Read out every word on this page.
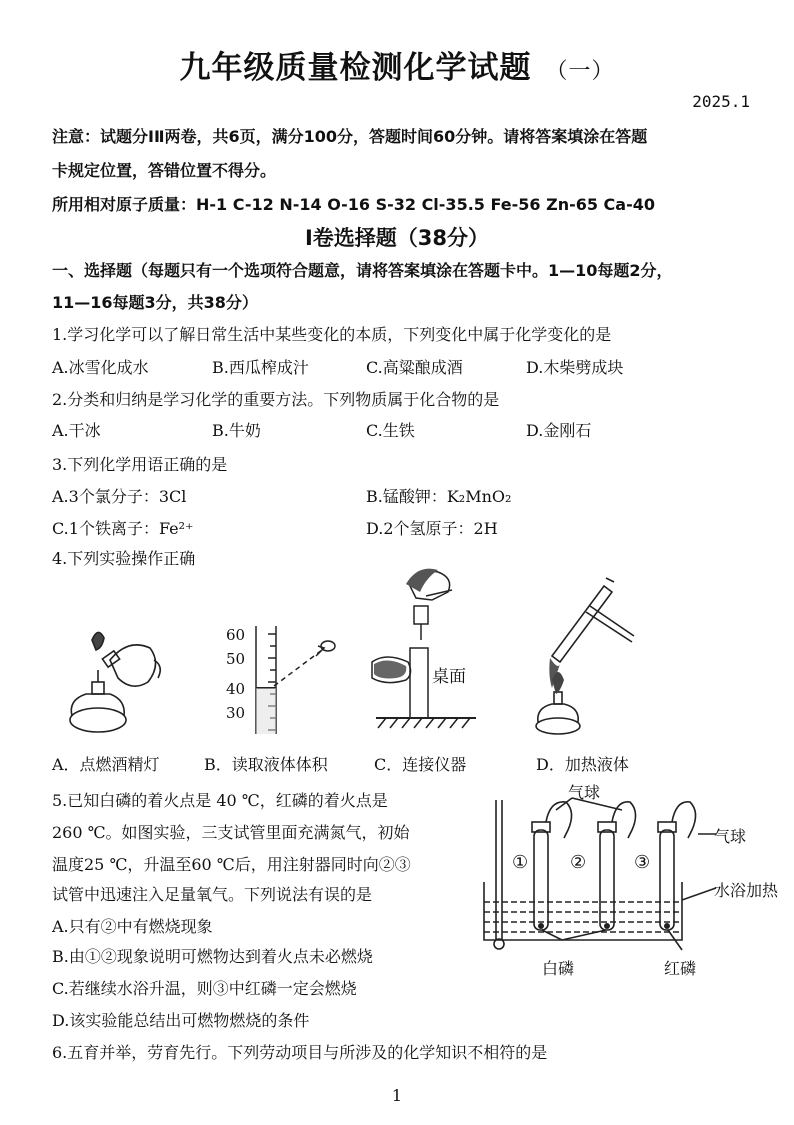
九年级质量检测化学试题 （一）
2025.1
注意：试题分ⅠⅡ两卷，共6页，满分100分，答题时间60分钟。请将答案填涂在答题
卡规定位置，答错位置不得分。
所用相对原子质量：H-1 C-12 N-14 O-16 S-32 Cl-35.5 Fe-56 Zn-65 Ca-40
Ⅰ卷选择题（38分）
一、选择题（每题只有一个选项符合题意，请将答案填涂在答题卡中。1—10每题2分，
11—16每题3分，共38分）
1.学习化学可以了解日常生活中某些变化的本质，下列变化中属于化学变化的是
A.冰雪化成水	B.西瓜榨成汁	C.高粱酿成酒	D.木柴劈成块
2.分类和归纳是学习化学的重要方法。下列物质属于化合物的是
A.干冰	B.牛奶	C.生铁	D.金刚石
3.下列化学用语正确的是
A.3个氯分子：3Cl	B.锰酸钾：K₂MnO₂
C.1个铁离子：Fe²⁺	D.2个氢原子：2H
4.下列实验操作正确
60
50
40
30
桌面
A．点燃酒精灯	B．读取液体体积	C．连接仪器	D．加热液体
5.已知白磷的着火点是 40 ℃，红磷的着火点是
260 ℃。如图实验，三支试管里面充满氮气，初始
温度25 ℃，升温至60 ℃后，用注射器同时向②③
试管中迅速注入足量氧气。下列说法有误的是
A.只有②中有燃烧现象
B.由①②现象说明可燃物达到着火点未必燃烧
C.若继续水浴升温，则③中红磷一定会燃烧
D.该实验能总结出可燃物燃烧的条件
气球
气球
水浴加热
白磷	红磷
① ②	③
6.五育并举，劳育先行。下列劳动项目与所涉及的化学知识不相符的是
1
